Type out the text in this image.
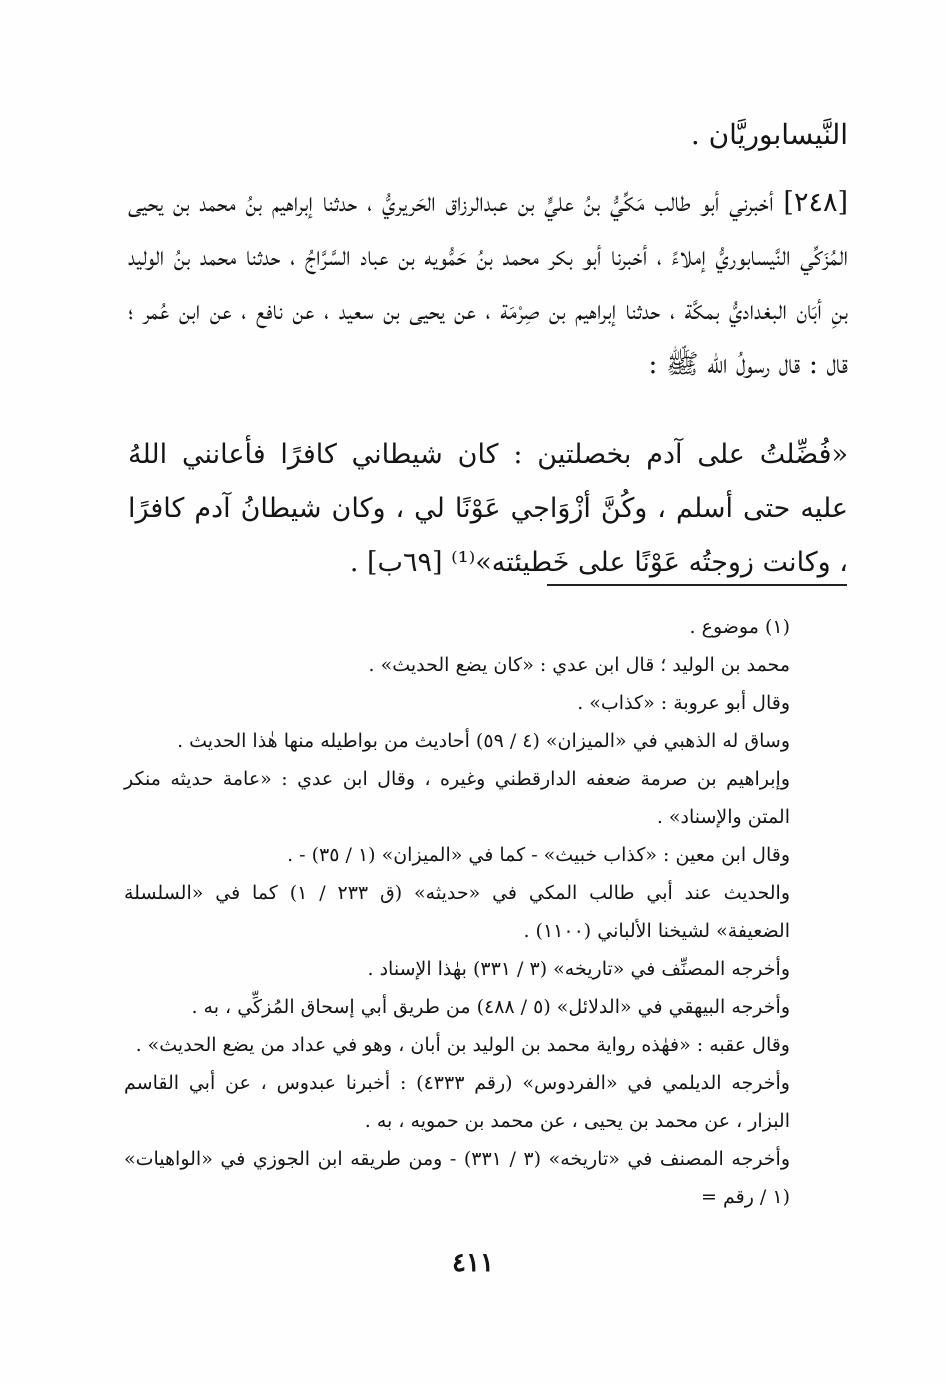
النَّيسابوريَّان .
[٢٤٨] أخبرني أبو طالب مَكِّيُّ بنُ عليٍّ بن عبدالرزاق الحَريريُّ ، حدثنا إبراهيم بنُ محمد بن يحيى المُزَكِّي النَّيسابوريُّ إملاءً ، أخبرنا أبو بكر محمد بنُ حَمُّويه بن عباد السَّرَّاجُ ، حدثنا محمد بنُ الوليد بنِ أبَان البغداديُّ بمكَّة ، حدثنا إبراهيم بن صِرْمَة ، عن يحيى بن سعيد ، عن نافع ، عن ابن عُمر ؛ قال : قال رسولُ الله ﷺ :
«فُضِّلتُ على آدم بخصلتين : كان شيطاني كافرًا فأعانني اللهُ عليه حتى أسلم ، وكُنَّ أزْوَاجي عَوْنًا لي ، وكان شيطانُ آدم كافرًا ، وكانت زوجتُه عَوْنًا على خَطيئته»⁽¹⁾ [٦٩ب] .
(١) موضوع .
محمد بن الوليد ؛ قال ابن عدي : «كان يضع الحديث» .
وقال أبو عروبة : «كذاب» .
وساق له الذهبي في «الميزان» (٤ / ٥٩) أحاديث من بواطيله منها هٰذا الحديث .
وإبراهيم بن صرمة ضعفه الدارقطني وغيره ، وقال ابن عدي : «عامة حديثه منكر المتن والإسناد» .
وقال ابن معين : «كذاب خبيث» - كما في «الميزان» (١ / ٣٥) - .
والحديث عند أبي طالب المكي في «حديثه» (ق ٢٣٣ / ١) كما في «السلسلة الضعيفة» لشيخنا الألباني (١١٠٠) .
وأخرجه المصنِّف في «تاريخه» (٣ / ٣٣١) بهٰذا الإسناد .
وأخرجه البيهقي في «الدلائل» (٥ / ٤٨٨) من طريق أبي إسحاق المُزكِّي ، به .
وقال عقبه : «فهٰذه رواية محمد بن الوليد بن أبان ، وهو في عداد من يضع الحديث» .
وأخرجه الديلمي في «الفردوس» (رقم ٤٣٣٣) : أخبرنا عبدوس ، عن أبي القاسم البزار ، عن محمد بن يحيى ، عن محمد بن حمويه ، به .
وأخرجه المصنف في «تاريخه» (٣ / ٣٣١) - ومن طريقه ابن الجوزي في «الواهيات» (١ / رقم =
٤١١
